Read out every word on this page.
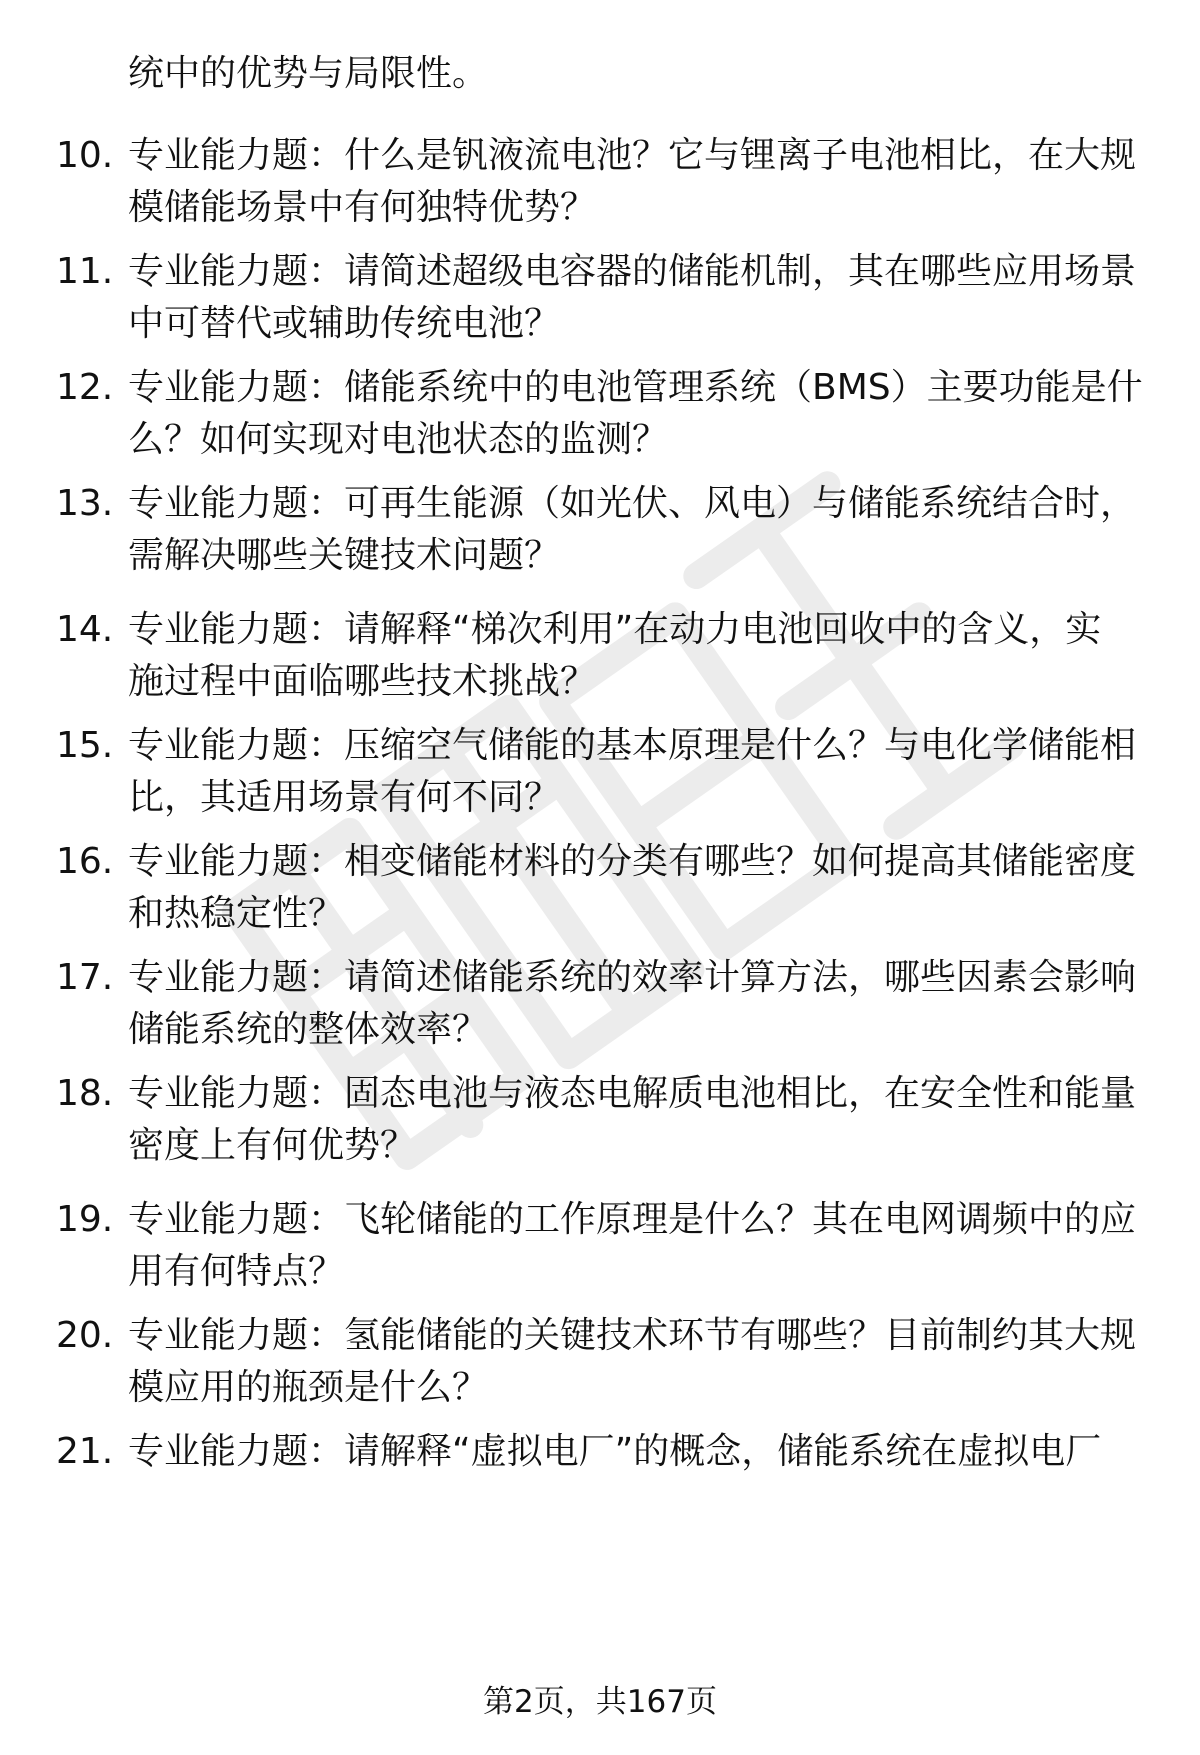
统中的优势与局限性。
10. 专业能力题：什么是钒液流电池？它与锂离子电池相比，在大规
模储能场景中有何独特优势？
11. 专业能力题：请简述超级电容器的储能机制，其在哪些应用场景
中可替代或辅助传统电池？
12. 专业能力题：储能系统中的电池管理系统（BMS）主要功能是什
么？如何实现对电池状态的监测？
13. 专业能力题：可再生能源（如光伏、风电）与储能系统结合时，
需解决哪些关键技术问题？
14. 专业能力题：请解释“梯次利用”在动力电池回收中的含义，实
施过程中面临哪些技术挑战？
15. 专业能力题：压缩空气储能的基本原理是什么？与电化学储能相
比，其适用场景有何不同？
16. 专业能力题：相变储能材料的分类有哪些？如何提高其储能密度
和热稳定性？
17. 专业能力题：请简述储能系统的效率计算方法，哪些因素会影响
储能系统的整体效率？
18. 专业能力题：固态电池与液态电解质电池相比，在安全性和能量
密度上有何优势？
19. 专业能力题：飞轮储能的工作原理是什么？其在电网调频中的应
用有何特点？
20. 专业能力题：氢能储能的关键技术环节有哪些？目前制约其大规
模应用的瓶颈是什么？
21. 专业能力题：请解释“虚拟电厂”的概念，储能系统在虚拟电厂
第2页，共167页
